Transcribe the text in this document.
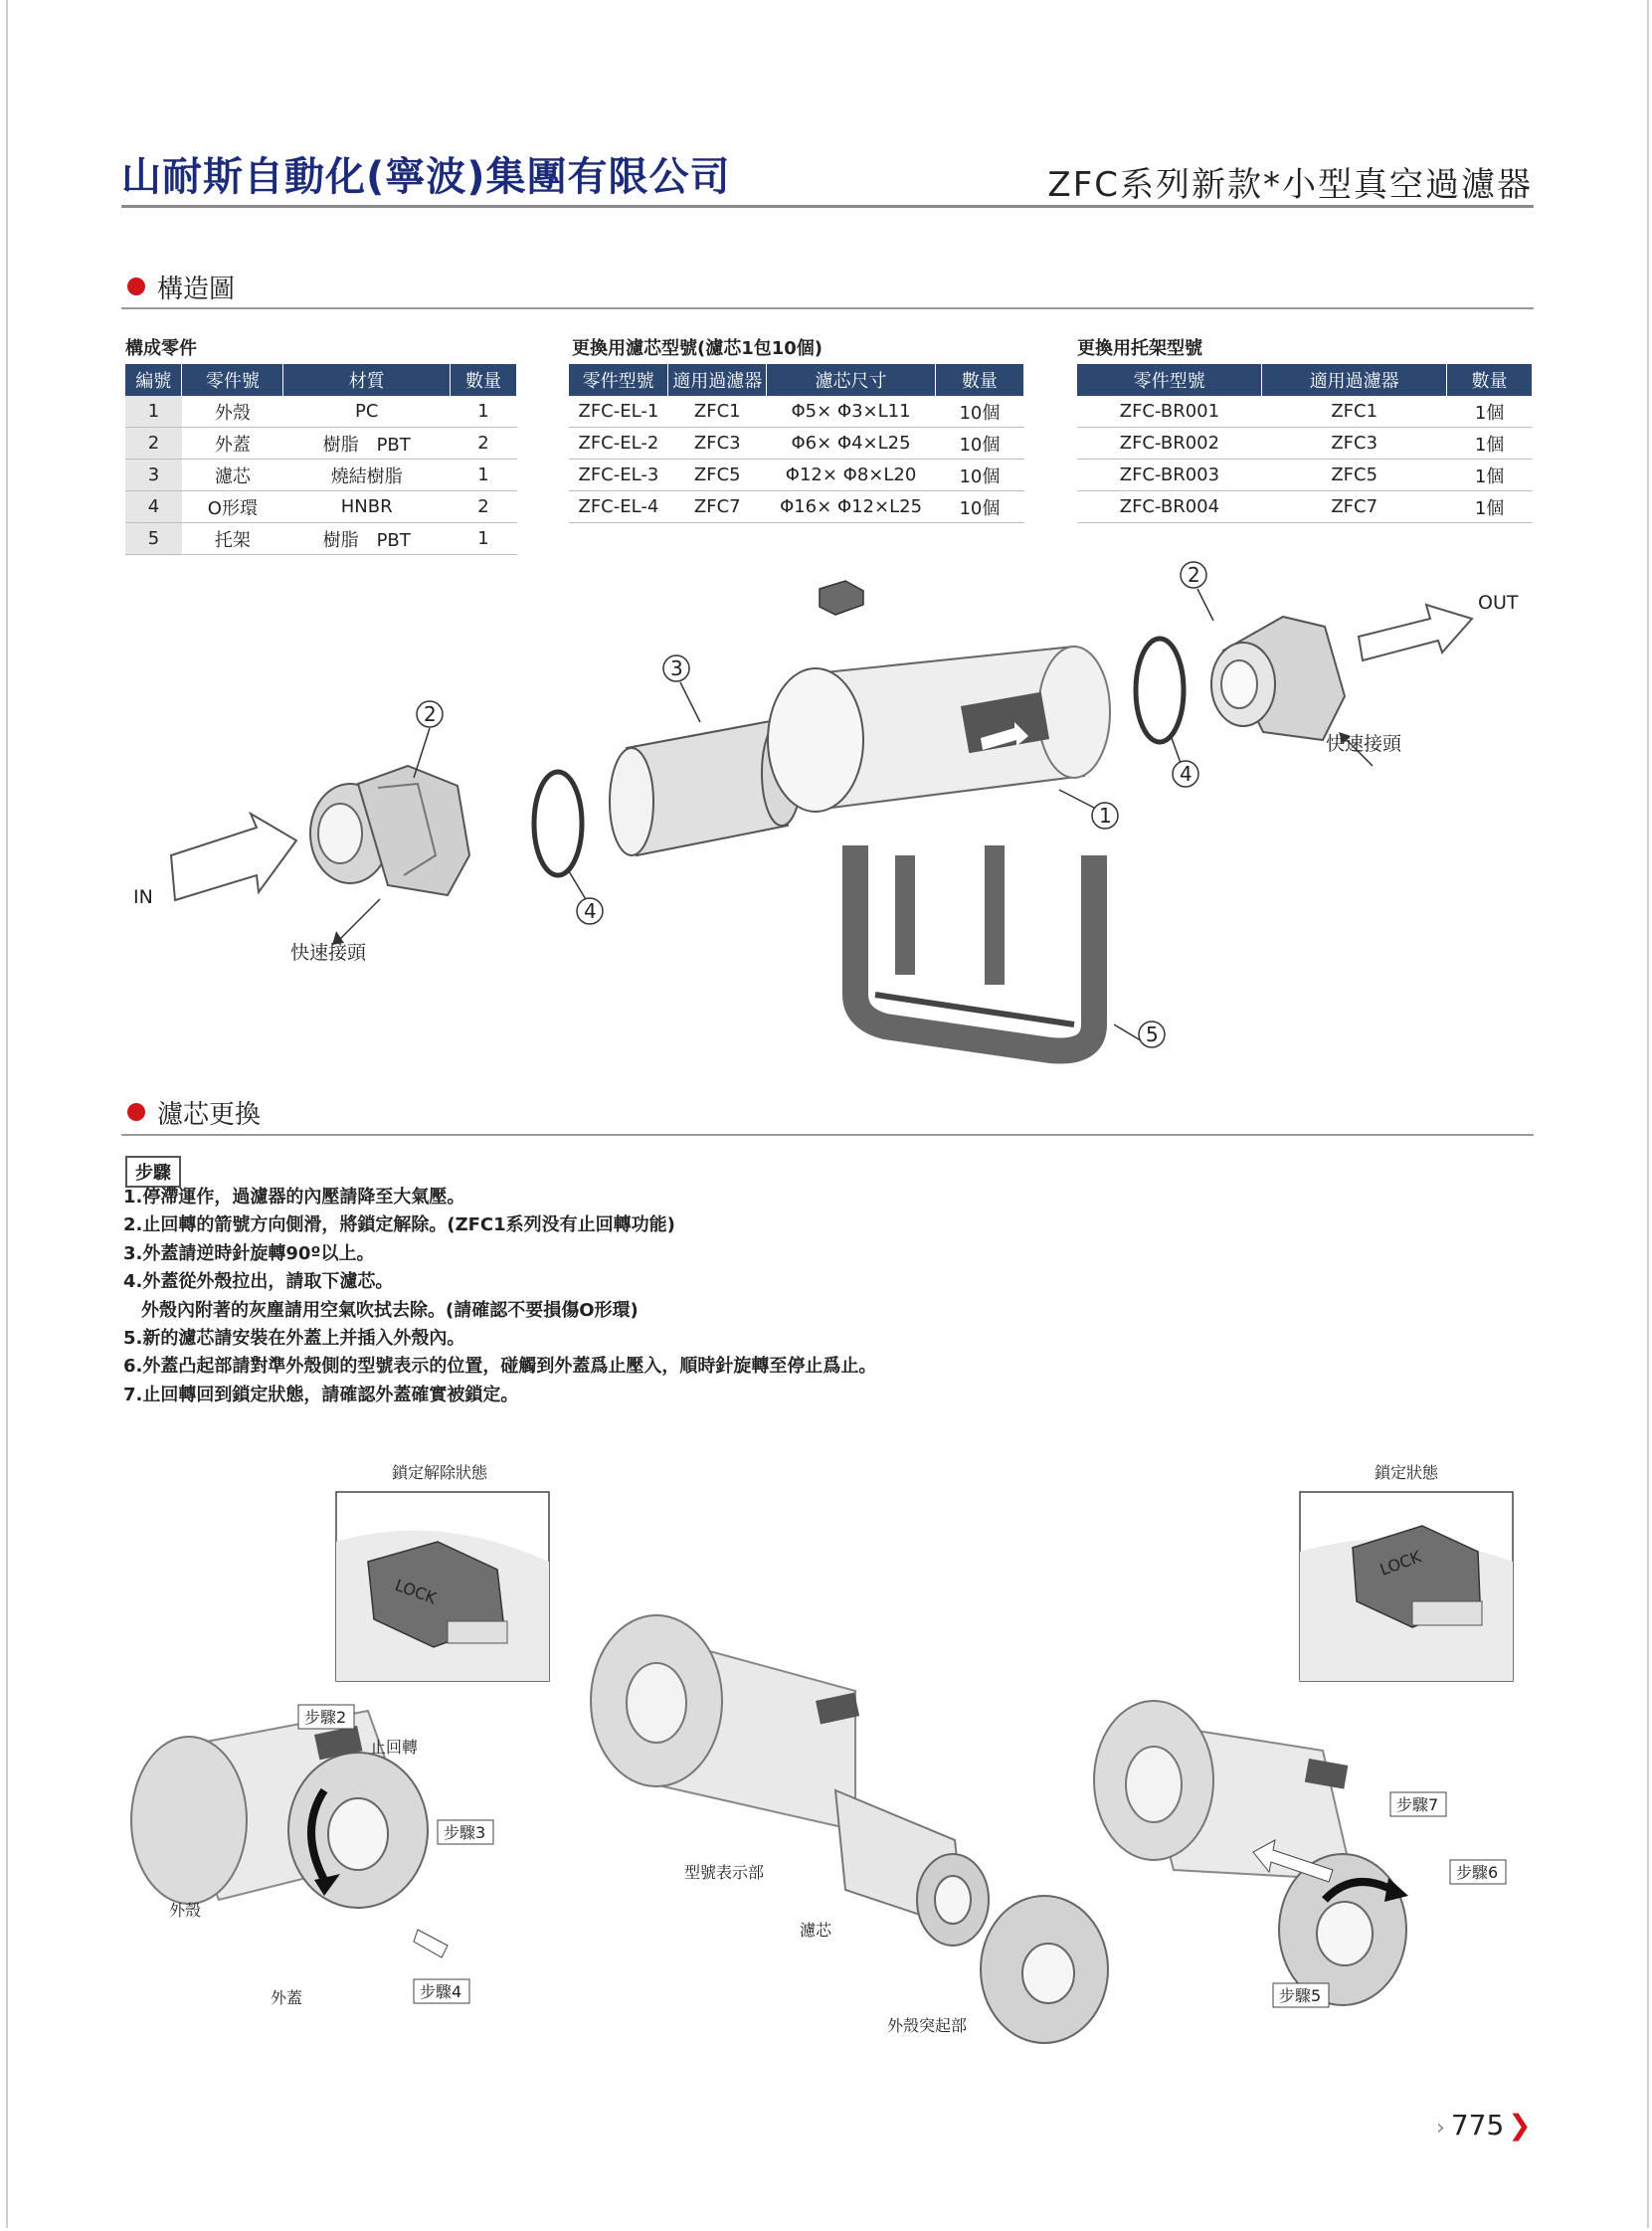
山耐斯自動化(寧波)集團有限公司	ZFC系列新款*小型真空過濾器
構造圖
構成零件
編號	零件號	材質	數量
1	外殼	PC	1
2	外蓋	樹脂　PBT	2
3	濾芯	燒結樹脂	1
4	O形環	HNBR	2
5	托架	樹脂　PBT	1
更換用濾芯型號(濾芯1包10個)
零件型號	適用過濾器	濾芯尺寸	數量
ZFC-EL-1	ZFC1	Φ5× Φ3×L11	10個
ZFC-EL-2	ZFC3	Φ6× Φ4×L25	10個
ZFC-EL-3	ZFC5	Φ12× Φ8×L20	10個
ZFC-EL-4	ZFC7	Φ16× Φ12×L25	10個
更換用托架型號
零件型號	適用過濾器	數量
ZFC-BR001	ZFC1	1個
ZFC-BR002	ZFC3	1個
ZFC-BR003	ZFC5	1個
ZFC-BR004	ZFC7	1個
IN
快速接頭
2
4
3
1
5
4
2
快速接頭
OUT
濾芯更換
步驟
1.停滯運作，過濾器的內壓請降至大氣壓。
2.止回轉的箭號方向側滑，將鎖定解除。(ZFC1系列没有止回轉功能)
3.外蓋請逆時針旋轉90º以上。
4.外蓋從外殼拉出，請取下濾芯。
　外殼內附著的灰塵請用空氣吹拭去除。(請確認不要損傷O形環)
5.新的濾芯請安裝在外蓋上并插入外殼內。
6.外蓋凸起部請對準外殼側的型號表示的位置，碰觸到外蓋爲止壓入，順時針旋轉至停止爲止。
7.止回轉回到鎖定狀態，請確認外蓋確實被鎖定。
鎖定解除狀態
LOCK
鎖定狀態
LOCK
步驟2
止回轉
步驟3
外殼
外蓋	步驟4
型號表示部
濾芯
外殼突起部
步驟7
步驟6
步驟5
› 775 ❯
